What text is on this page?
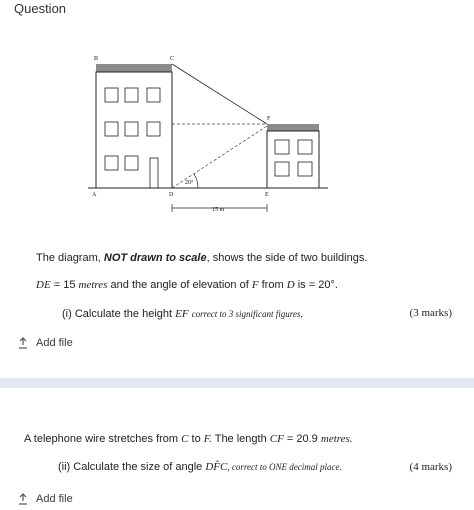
Question
B	C
F
A	D	E
20°
15 m
The diagram, NOT drawn to scale, shows the side of two buildings.
DE = 15 metres and the angle of elevation of F from D is = 20°.
(i) Calculate the height EF correct to 3 significant figures,	(3 marks)
Add file
A telephone wire stretches from C to F. The length CF = 20.9 metres.
(ii) Calculate the size of angle DF̂C, correct to ONE decimal place.	(4 marks)
Add file
